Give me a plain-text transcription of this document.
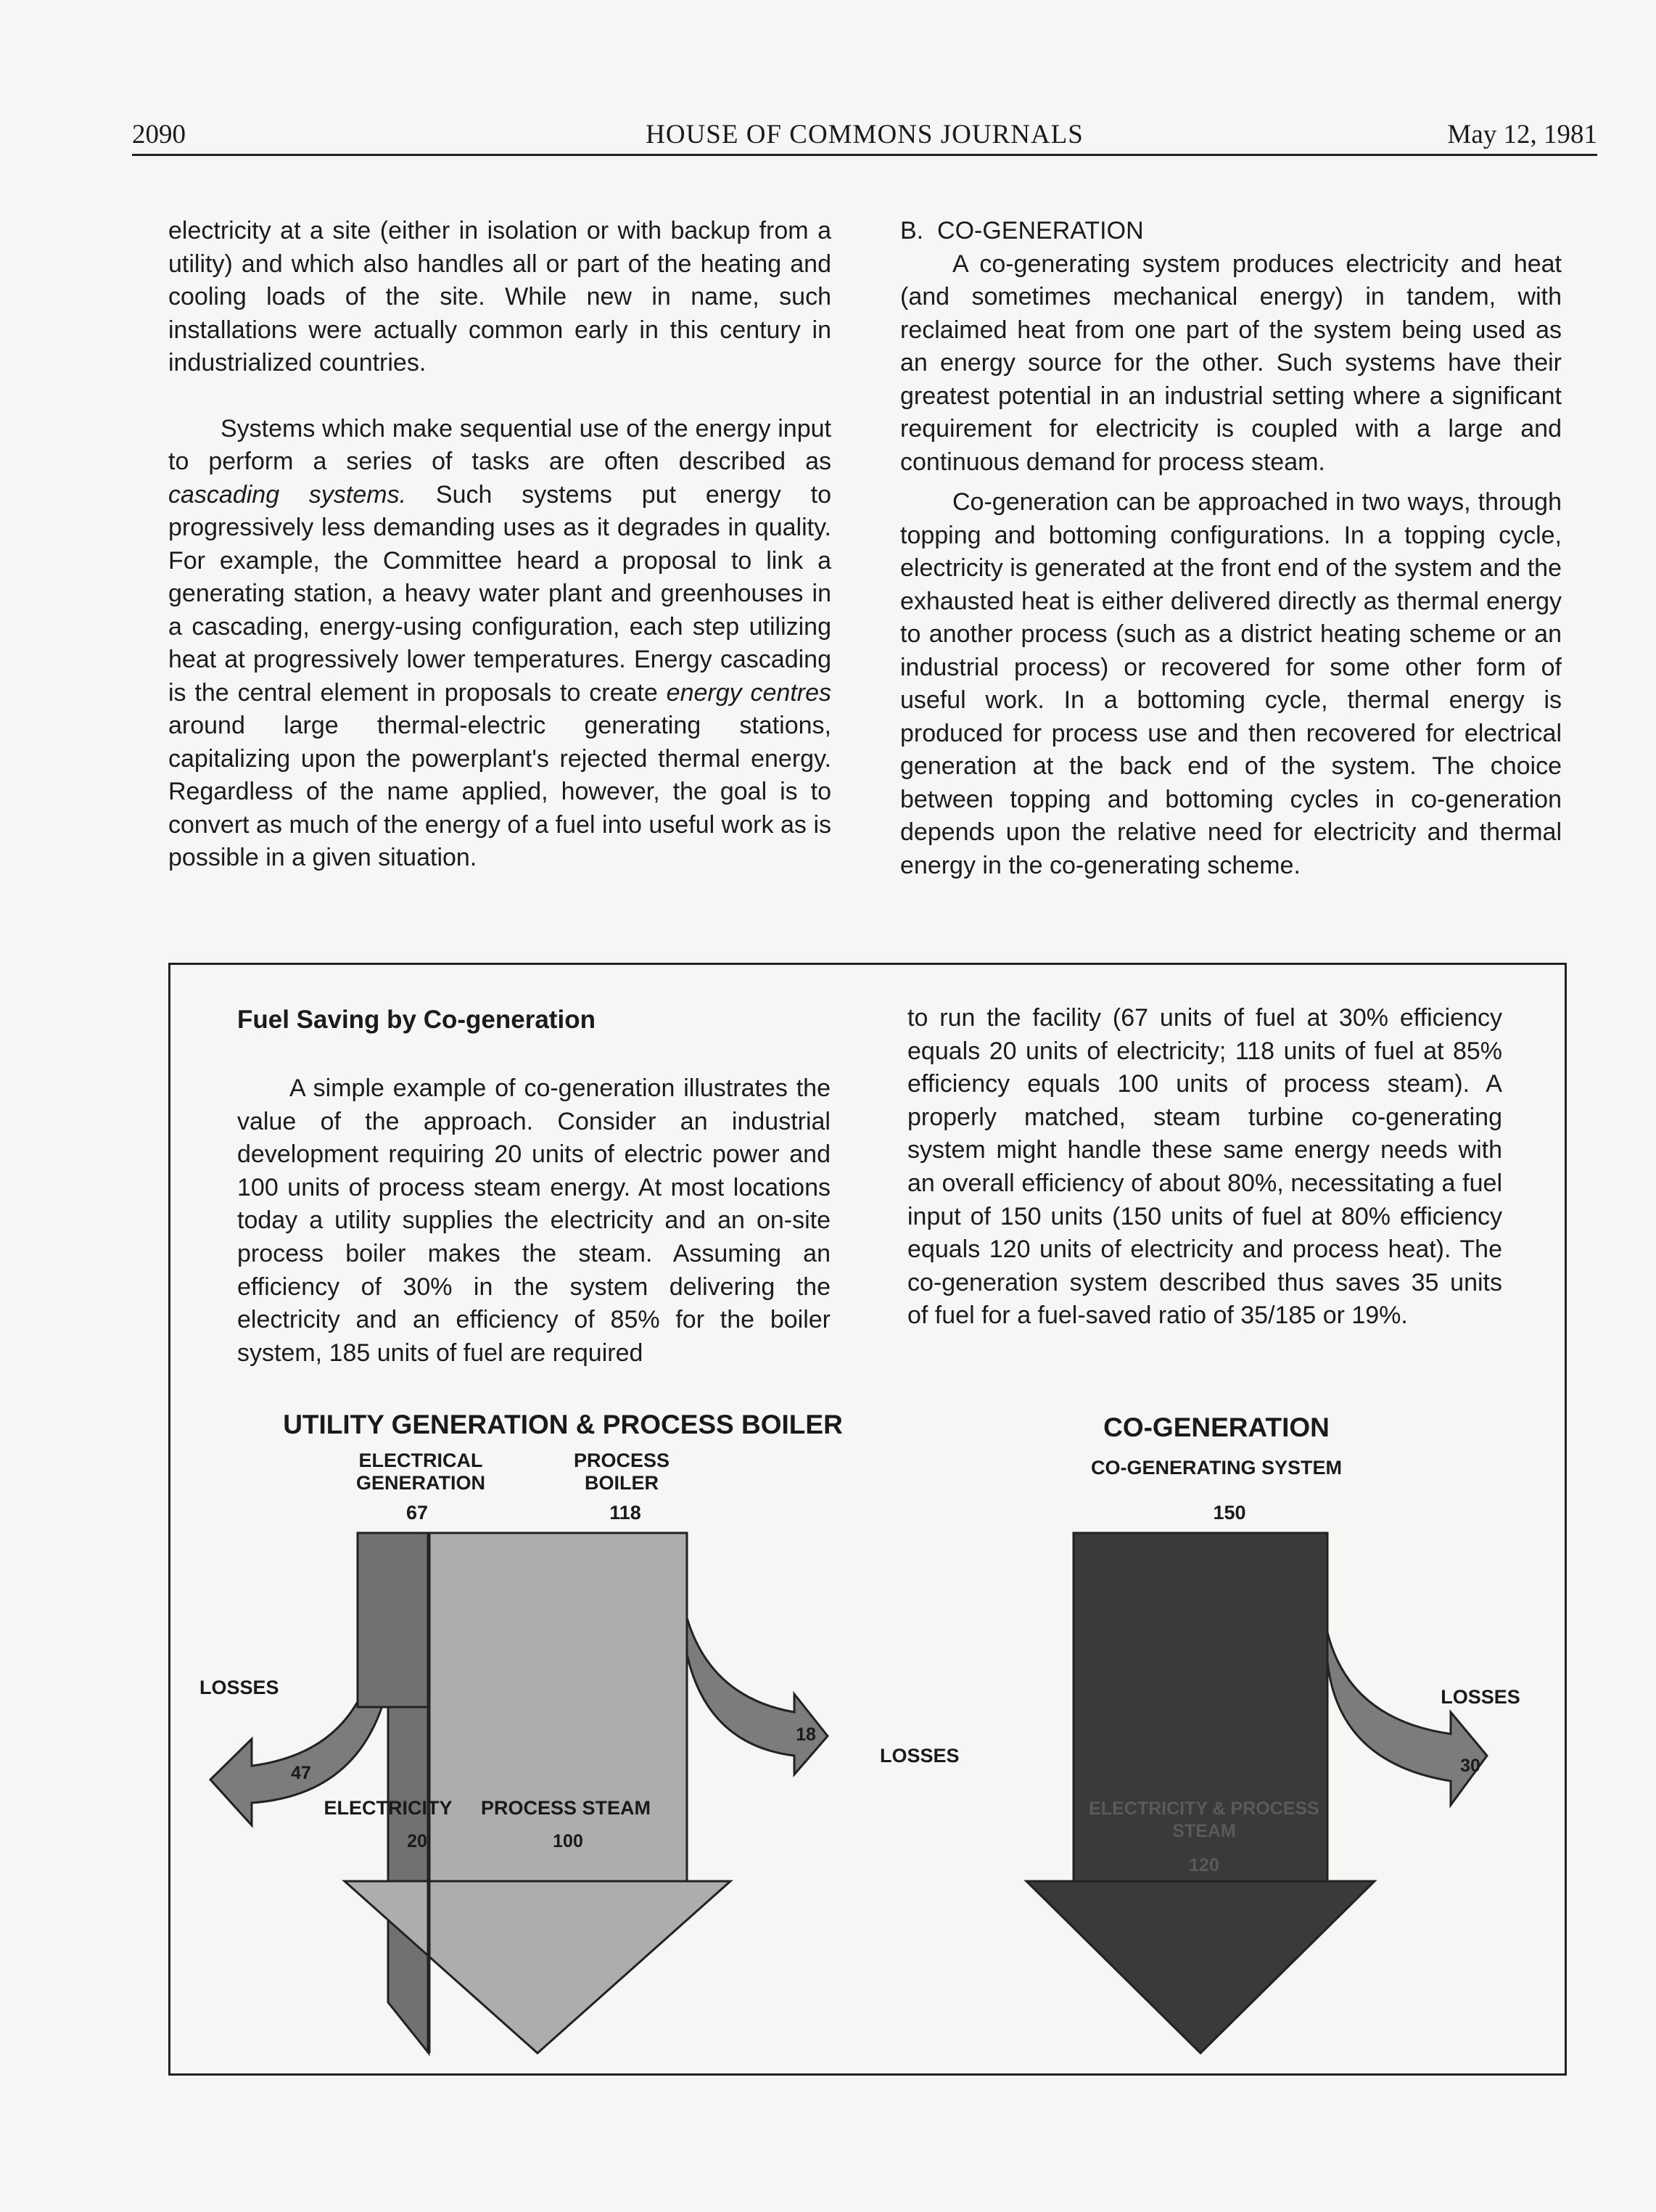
2090	HOUSE OF COMMONS JOURNALS	May 12, 1981

electricity at a site (either in isolation or with backup from a utility) and which also handles all or part of the heating and cooling loads of the site. While new in name, such installations were actually common early in this century in industrialized countries.

Systems which make sequential use of the energy input to perform a series of tasks are often described as cascading systems. Such systems put energy to progressively less demanding uses as it degrades in quality. For example, the Committee heard a proposal to link a generating station, a heavy water plant and greenhouses in a cascading, energy-using configuration, each step utilizing heat at progressively lower temperatures. Energy cascading is the central element in proposals to create energy centres around large thermal-electric generating stations, capitalizing upon the powerplant's rejected thermal energy. Regardless of the name applied, however, the goal is to convert as much of the energy of a fuel into useful work as is possible in a given situation.

B.  CO-GENERATION

A co-generating system produces electricity and heat (and sometimes mechanical energy) in tandem, with reclaimed heat from one part of the system being used as an energy source for the other. Such systems have their greatest potential in an industrial setting where a significant requirement for electricity is coupled with a large and continuous demand for process steam.

Co-generation can be approached in two ways, through topping and bottoming configurations. In a topping cycle, electricity is generated at the front end of the system and the exhausted heat is either delivered directly as thermal energy to another process (such as a district heating scheme or an industrial process) or recovered for some other form of useful work. In a bottoming cycle, thermal energy is produced for process use and then recovered for electrical generation at the back end of the system. The choice between topping and bottoming cycles in co-generation depends upon the relative need for electricity and thermal energy in the co-generating scheme.

Fuel Saving by Co-generation

A simple example of co-generation illustrates the value of the approach. Consider an industrial development requiring 20 units of electric power and 100 units of process steam energy. At most locations today a utility supplies the electricity and an on-site process boiler makes the steam. Assuming an efficiency of 30% in the system delivering the electricity and an efficiency of 85% for the boiler system, 185 units of fuel are required

to run the facility (67 units of fuel at 30% efficiency equals 20 units of electricity; 118 units of fuel at 85% efficiency equals 100 units of process steam). A properly matched, steam turbine co-generating system might handle these same energy needs with an overall efficiency of about 80%, necessitating a fuel input of 150 units (150 units of fuel at 80% efficiency equals 120 units of electricity and process heat). The co-generation system described thus saves 35 units of fuel for a fuel-saved ratio of 35/185 or 19%.

UTILITY GENERATION & PROCESS BOILER
ELECTRICAL
GENERATION
67
PROCESS
BOILER
118
LOSSES
47
18
LOSSES
ELECTRICITY
20
PROCESS STEAM
100
CO-GENERATION
CO-GENERATING SYSTEM
150
LOSSES
30
ELECTRICITY & PROCESS
STEAM
120
